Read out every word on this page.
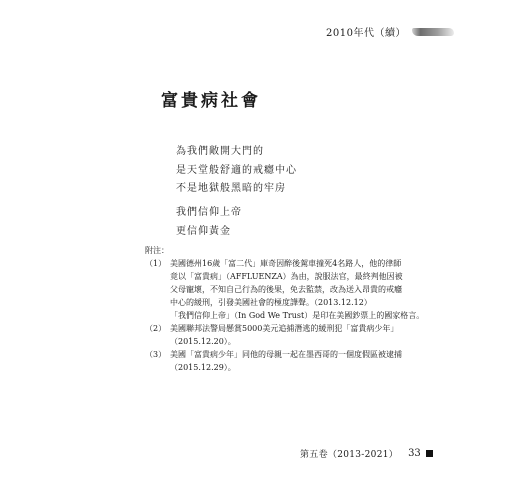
2010年代（續）
富貴病社會
為我們敞開大門的
是天堂般舒適的戒癮中心
不是地獄般黑暗的牢房
我們信仰上帝
更信仰黃金
附注：
（1） 美國德州16歲「富二代」庫奇因醉後駕車撞死4名路人，他的律師
竟以「富貴病」（AFFLUENZA）為由，說服法官，最終判他因被
父母寵壞，不知自己行為的後果，免去監禁，改為送入昂貴的戒癮
中心的緩刑，引發美國社會的極度譁聲。（2013.12.12）
「我們信仰上帝」（In God We Trust）是印在美國鈔票上的國家格言。
（2） 美國聯邦法警局懸賞5000美元追捕潛逃的緩刑犯「富貴病少年」
（2015.12.20）。
（3） 美國「富貴病少年」同他的母親一起在墨西哥的一個度假區被逮捕
（2015.12.29）。
第五卷（2013-2021） 33
